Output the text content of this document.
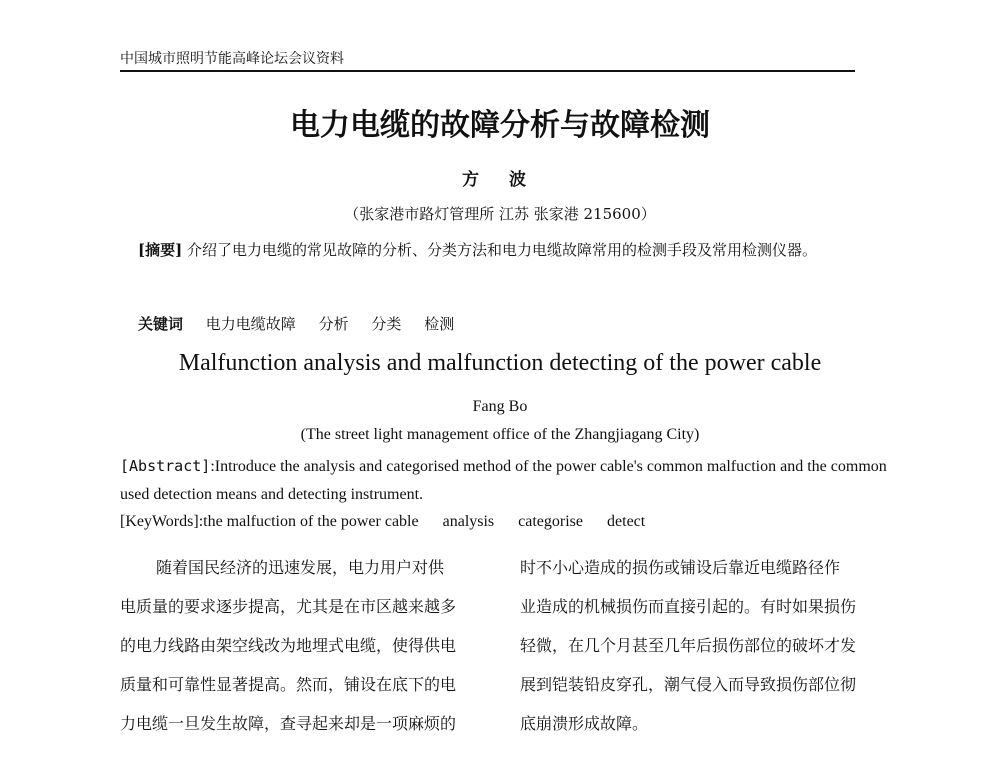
中国城市照明节能高峰论坛会议资料
电力电缆的故障分析与故障检测
方 波
（张家港市路灯管理所 江苏 张家港 215600）
[摘要] 介绍了电力电缆的常见故障的分析、分类方法和电力电缆故障常用的检测手段及常用检测仪器。
关键词 电力电缆故障 分析 分类 检测
Malfunction analysis and malfunction detecting of the power cable
Fang Bo
(The street light management office of the Zhangjiagang City)
[Abstract]:Introduce the analysis and categorised method of the power cable's common malfuction and the common used detection means and detecting instrument.
[KeyWords]:the malfuction of the power cable analysis categorise detect

随着国民经济的迅速发展，电力用户对供

电质量的要求逐步提高，尤其是在市区越来越多

的电力线路由架空线改为地埋式电缆，使得供电

质量和可靠性显著提高。然而，铺设在底下的电

力电缆一旦发生故障，查寻起来却是一项麻烦的

时不小心造成的损伤或铺设后靠近电缆路径作

业造成的机械损伤而直接引起的。有时如果损伤

轻微，在几个月甚至几年后损伤部位的破坏才发

展到铠装铅皮穿孔，潮气侵入而导致损伤部位彻

底崩溃形成故障。
